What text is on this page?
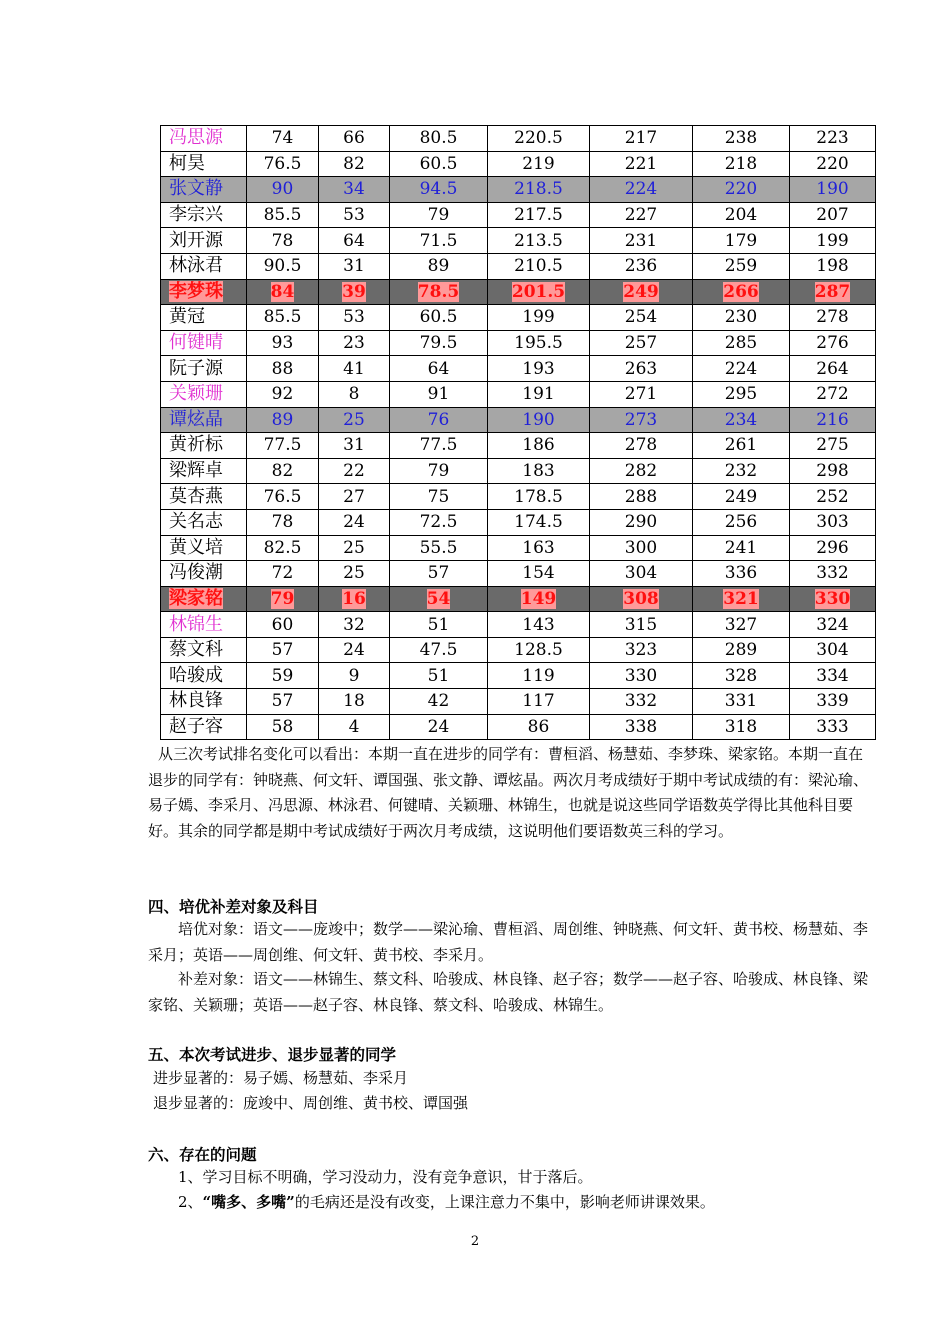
冯思源	74	66	80.5	220.5	217	238	223
柯昊	76.5	82	60.5	219	221	218	220
张文静	90	34	94.5	218.5	224	220	190
李宗兴	85.5	53	79	217.5	227	204	207
刘开源	78	64	71.5	213.5	231	179	199
林泳君	90.5	31	89	210.5	236	259	198
李梦珠	84	39	78.5	201.5	249	266	287
黄冠	85.5	53	60.5	199	254	230	278
何键晴	93	23	79.5	195.5	257	285	276
阮子源	88	41	64	193	263	224	264
关颖珊	92	8	91	191	271	295	272
谭炫晶	89	25	76	190	273	234	216
黄祈标	77.5	31	77.5	186	278	261	275
梁辉卓	82	22	79	183	282	232	298
莫杏燕	76.5	27	75	178.5	288	249	252
关名志	78	24	72.5	174.5	290	256	303
黄义培	82.5	25	55.5	163	300	241	296
冯俊潮	72	25	57	154	304	336	332
梁家铭	79	16	54	149	308	321	330
林锦生	60	32	51	143	315	327	324
蔡文科	57	24	47.5	128.5	323	289	304
哈骏成	59	9	51	119	330	328	334
林良锋	57	18	42	117	332	331	339
赵子容	58	4	24	86	338	318	333
从三次考试排名变化可以看出：本期一直在进步的同学有：曹桓滔、杨慧茹、李梦珠、梁家铭。本期一直在退步的同学有：钟晓燕、何文轩、谭国强、张文静、谭炫晶。两次月考成绩好于期中考试成绩的有：梁沁瑜、易子嫣、李采月、冯思源、林泳君、何键晴、关颖珊、林锦生，也就是说这些同学语数英学得比其他科目要好。其余的同学都是期中考试成绩好于两次月考成绩，这说明他们要语数英三科的学习。
四、培优补差对象及科目
培优对象：语文——庞竣中；数学——梁沁瑜、曹桓滔、周创维、钟晓燕、何文轩、黄书校、杨慧茹、李采月；英语——周创维、何文轩、黄书校、李采月。
补差对象：语文——林锦生、蔡文科、哈骏成、林良锋、赵子容；数学——赵子容、哈骏成、林良锋、梁家铭、关颖珊；英语——赵子容、林良锋、蔡文科、哈骏成、林锦生。
五、本次考试进步、退步显著的同学
进步显著的：易子嫣、杨慧茹、李采月
退步显著的：庞竣中、周创维、黄书校、谭国强
六、存在的问题
1、学习目标不明确，学习没动力，没有竞争意识，甘于落后。
2、“嘴多、多嘴”的毛病还是没有改变，上课注意力不集中，影响老师讲课效果。
2
